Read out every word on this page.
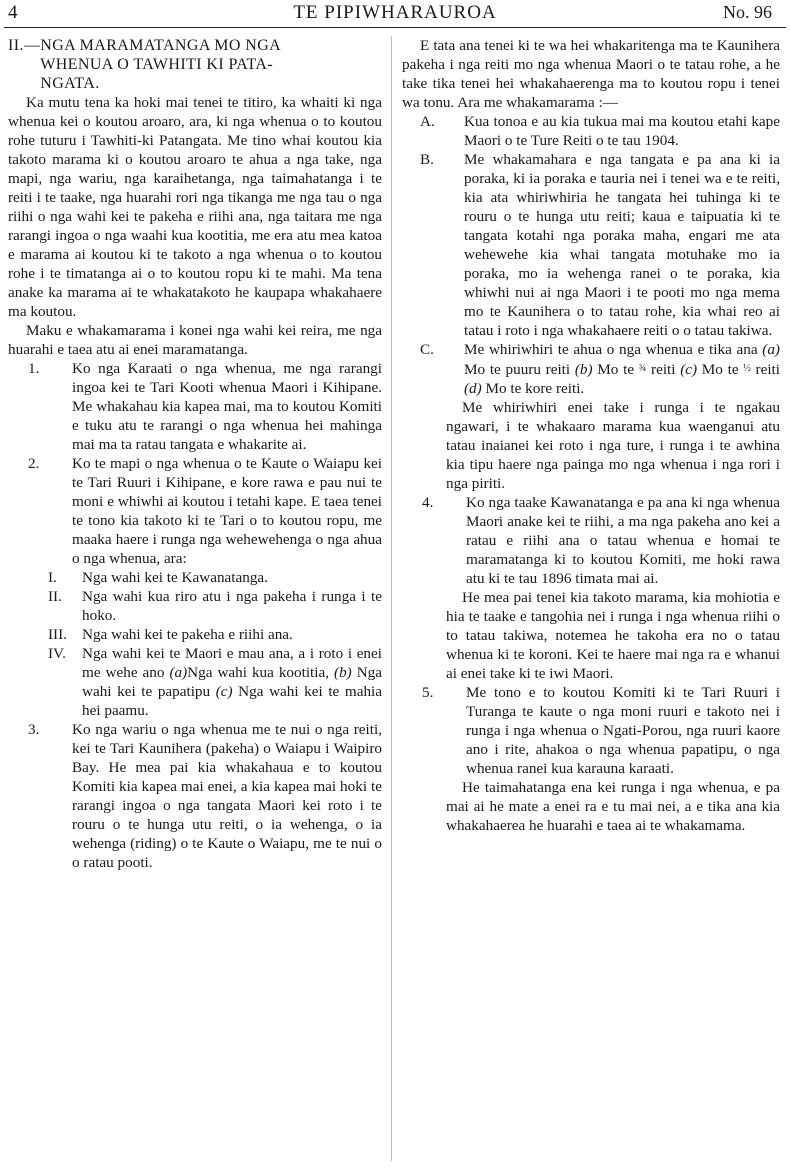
4	TE PIPIWHARAUROA	No. 96
II.— NGA MARAMATANGA MO NGA
WHENUA O TAWHITI KI PATA-
NGATA.

Ka mutu tena ka hoki mai tenei te titiro, ka whaiti ki nga whenua kei o koutou aroaro, ara, ki nga whenua o to koutou rohe tuturu i Tawhiti-ki Patangata. Me tino whai koutou kia takoto marama ki o koutou aroaro te ahua a nga take, nga mapi, nga wariu, nga karaihetanga, nga taimahatanga i te reiti i te taake, nga huarahi rori nga tikanga me nga tau o nga riihi o nga wahi kei te pakeha e riihi ana, nga taitara me nga rarangi ingoa o nga waahi kua kootitia, me era atu mea katoa e marama ai koutou ki te takoto a nga whenua o to koutou rohe i te timatanga ai o to koutou ropu ki te mahi. Ma tena anake ka marama ai te whakatakoto he kaupapa whakahaere ma koutou.

Maku e whakamarama i konei nga wahi kei reira, me nga huarahi e taea atu ai enei maramatanga.

1.	Ko nga Karaati o nga whenua, me nga rarangi ingoa kei te Tari Kooti whenua Maori i Kihipane. Me whakahau kia kapea mai, ma to koutou Komiti e tuku atu te rarangi o nga whenua hei mahinga mai ma ta ratau tangata e whakarite ai.
2.	Ko te mapi o nga whenua o te Kaute o Waiapu kei te Tari Ruuri i Kihipane, e kore rawa e pau nui te moni e whiwhi ai koutou i tetahi kape. E taea tenei te tono kia takoto ki te Tari o to koutou ropu, me maaka haere i runga nga wehewehenga o nga ahua o nga whenua, ara:
I.	Nga wahi kei te Kawanatanga.
II.	Nga wahi kua riro atu i nga pakeha i runga i te hoko.
III. Nga wahi kei te pakeha e riihi ana.
IV.	Nga wahi kei te Maori e mau ana, a i roto i enei me wehe ano (a)Nga wahi kua kootitia, (b) Nga wahi kei te papatipu (c) Nga wahi kei te mahia hei paamu.
3.	Ko nga wariu o nga whenua me te nui o nga reiti, kei te Tari Kaunihera (pakeha) o Waiapu i Waipiro Bay. He mea pai kia whakahaua e to koutou Komiti kia kapea mai enei, a kia kapea mai hoki te rarangi ingoa o nga tangata Maori kei roto i te rouru o te hunga utu reiti, o ia wehenga, o ia wehenga (riding) o te Kaute o Waiapu, me te nui o o ratau pooti.

E tata ana tenei ki te wa hei whakaritenga ma te Kaunihera pakeha i nga reiti mo nga whenua Maori o te tatau rohe, a he take tika tenei hei whakahaerenga ma to koutou ropu i tenei wa tonu. Ara me whakamarama :—

A.	Kua tonoa e au kia tukua mai ma koutou etahi kape Maori o te Ture Reiti o te tau 1904.
B.	Me whakamahara e nga tangata e pa ana ki ia poraka, ki ia poraka e tauria nei i tenei wa e te reiti, kia ata whiriwhiria he tangata hei tuhinga ki te rouru o te hunga utu reiti; kaua e taipuatia ki te tangata kotahi nga poraka maha, engari me ata wehewehe kia whai tangata motuhake mo ia poraka, mo ia wehenga ranei o te poraka, kia whiwhi nui ai nga Maori i te pooti mo nga mema mo te Kaunihera o to tatau rohe, kia whai reo ai tatau i roto i nga whakahaere reiti o o tatau takiwa.
C.	Me whiriwhiri te ahua o nga whenua e tika ana (a) Mo te puuru reiti (b) Mo te ¾ reiti (c) Mo te ½ reiti (d) Mo te kore reiti.

Me whiriwhiri enei take i runga i te ngakau ngawari, i te whakaaro marama kua waenganui atu tatau inaianei kei roto i nga ture, i runga i te awhina kia tipu haere nga painga mo nga whenua i nga rori i nga piriti.

4.	Ko nga taake Kawanatanga e pa ana ki nga whenua Maori anake kei te riihi, a ma nga pakeha ano kei a ratau e riihi ana o tatau whenua e homai te maramatanga ki to koutou Komiti, me hoki rawa atu ki te tau 1896 timata mai ai.

He mea pai tenei kia takoto marama, kia mohiotia e hia te taake e tangohia nei i runga i nga whenua riihi o to tatau takiwa, notemea he takoha era no o tatau whenua ki te koroni. Kei te haere mai nga ra e whanui ai enei take ki te iwi Maori.

5.	Me tono e to koutou Komiti ki te Tari Ruuri i Turanga te kaute o nga moni ruuri e takoto nei i runga i nga whenua o Ngati-Porou, nga ruuri kaore ano i rite, ahakoa o nga whenua papatipu, o nga whenua ranei kua karauna karaati.

He taimahatanga ena kei runga i nga whenua, e pa mai ai he mate a enei ra e tu mai nei, a e tika ana kia whakahaerea he huarahi e taea ai te whakamama.
